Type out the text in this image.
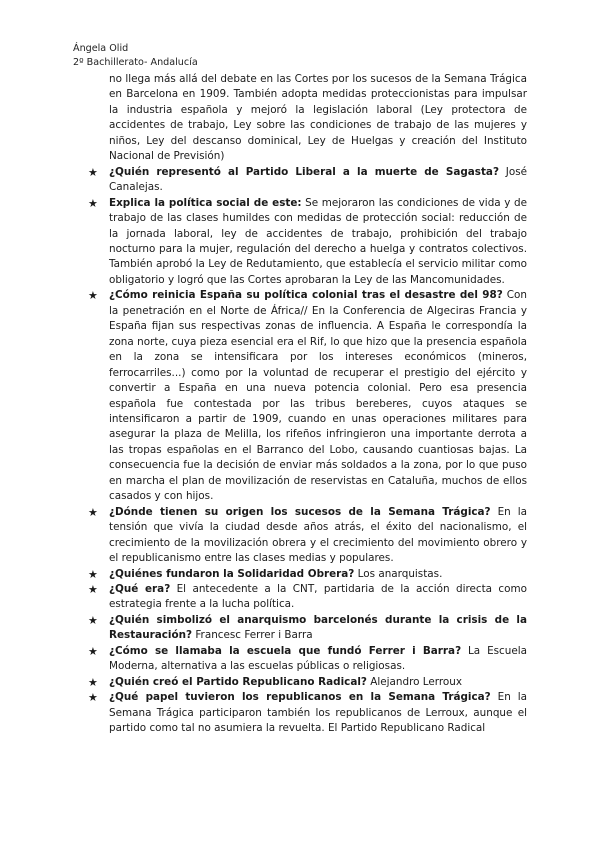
Ángela Olid
2º Bachillerato- Andalucía

no llega más allá del debate en las Cortes por los sucesos de la Semana Trágica en Barcelona en 1909. También adopta medidas proteccionistas para impulsar la industria española y mejoró la legislación laboral (Ley protectora de accidentes de trabajo, Ley sobre las condiciones de trabajo de las mujeres y niños, Ley del descanso dominical, Ley de Huelgas y creación del Instituto Nacional de Previsión)

★ ¿Quién representó al Partido Liberal a la muerte de Sagasta? José Canalejas.
★ Explica la política social de este: Se mejoraron las condiciones de vida y de trabajo de las clases humildes con medidas de protección social: reducción de la jornada laboral, ley de accidentes de trabajo, prohibición del trabajo nocturno para la mujer, regulación del derecho a huelga y contratos colectivos. También aprobó la Ley de Redutamiento, que establecía el servicio militar como obligatorio y logró que las Cortes aprobaran la Ley de las Mancomunidades.
★ ¿Cómo reinicia España su política colonial tras el desastre del 98? Con la penetración en el Norte de África// En la Conferencia de Algeciras Francia y España fijan sus respectivas zonas de influencia. A España le correspondía la zona norte, cuya pieza esencial era el Rif, lo que hizo que la presencia española en la zona se intensificara por los intereses económicos (mineros, ferrocarriles...) como por la voluntad de recuperar el prestigio del ejército y convertir a España en una nueva potencia colonial. Pero esa presencia española fue contestada por las tribus bereberes, cuyos ataques se intensificaron a partir de 1909, cuando en unas operaciones militares para asegurar la plaza de Melilla, los rifeños infringieron una importante derrota a las tropas españolas en el Barranco del Lobo, causando cuantiosas bajas. La consecuencia fue la decisión de enviar más soldados a la zona, por lo que puso en marcha el plan de movilización de reservistas en Cataluña, muchos de ellos casados y con hijos.
★ ¿Dónde tienen su origen los sucesos de la Semana Trágica? En la tensión que vivía la ciudad desde años atrás, el éxito del nacionalismo, el crecimiento de la movilización obrera y el crecimiento del movimiento obrero y el republicanismo entre las clases medias y populares.
★ ¿Quiénes fundaron la Solidaridad Obrera? Los anarquistas.
★ ¿Qué era? El antecedente a la CNT, partidaria de la acción directa como estrategia frente a la lucha política.
★ ¿Quién simbolizó el anarquismo barcelonés durante la crisis de la Restauración? Francesc Ferrer i Barra
★ ¿Cómo se llamaba la escuela que fundó Ferrer i Barra? La Escuela Moderna, alternativa a las escuelas públicas o religiosas.
★ ¿Quién creó el Partido Republicano Radical? Alejandro Lerroux
★ ¿Qué papel tuvieron los republicanos en la Semana Trágica? En la Semana Trágica participaron también los republicanos de Lerroux, aunque el partido como tal no asumiera la revuelta. El Partido Republicano Radical
